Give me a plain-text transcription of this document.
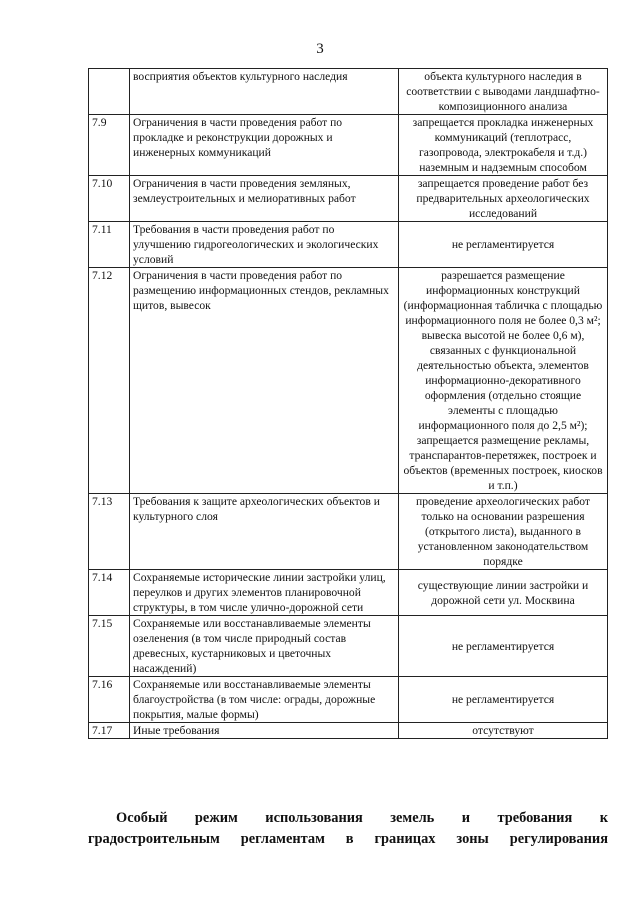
3
	восприятия объектов культурного наследия	объекта культурного наследия в соответствии с выводами ландшафтно-композиционного анализа
7.9	Ограничения в части проведения работ по прокладке и реконструкции дорожных и инженерных коммуникаций	запрещается прокладка инженерных коммуникаций (теплотрасс, газопровода, электрокабеля и т.д.) наземным и надземным способом
7.10	Ограничения в части проведения земляных, землеустроительных и мелиоративных работ	запрещается проведение работ без предварительных археологических исследований
7.11	Требования в части проведения работ по улучшению гидрогеологических и экологических условий	не регламентируется
7.12	Ограничения в части проведения работ по размещению информационных стендов, рекламных щитов, вывесок	разрешается размещение информационных конструкций (информационная табличка с площадью информационного поля не более 0,3 м²; вывеска высотой не более 0,6 м), связанных с функциональной деятельностью объекта, элементов информационно-декоративного оформления (отдельно стоящие элементы с площадью информационного поля до 2,5 м²); запрещается размещение рекламы, транспарантов-перетяжек, построек и объектов (временных построек, киосков и т.п.)
7.13	Требования к защите археологических объектов и культурного слоя	проведение археологических работ только на основании разрешения (открытого листа), выданного в установленном законодательством порядке
7.14	Сохраняемые исторические линии застройки улиц, переулков и других элементов планировочной структуры, в том числе улично-дорожной сети	существующие линии застройки и дорожной сети ул. Москвина
7.15	Сохраняемые или восстанавливаемые элементы озеленения (в том числе природный состав древесных, кустарниковых и цветочных насаждений)	не регламентируется
7.16	Сохраняемые или восстанавливаемые элементы благоустройства (в том числе: ограды, дорожные покрытия, малые формы)	не регламентируется
7.17	Иные требования	отсутствуют

Особый режим использования земель и требования к

градостроительным регламентам в границах зоны регулирования
